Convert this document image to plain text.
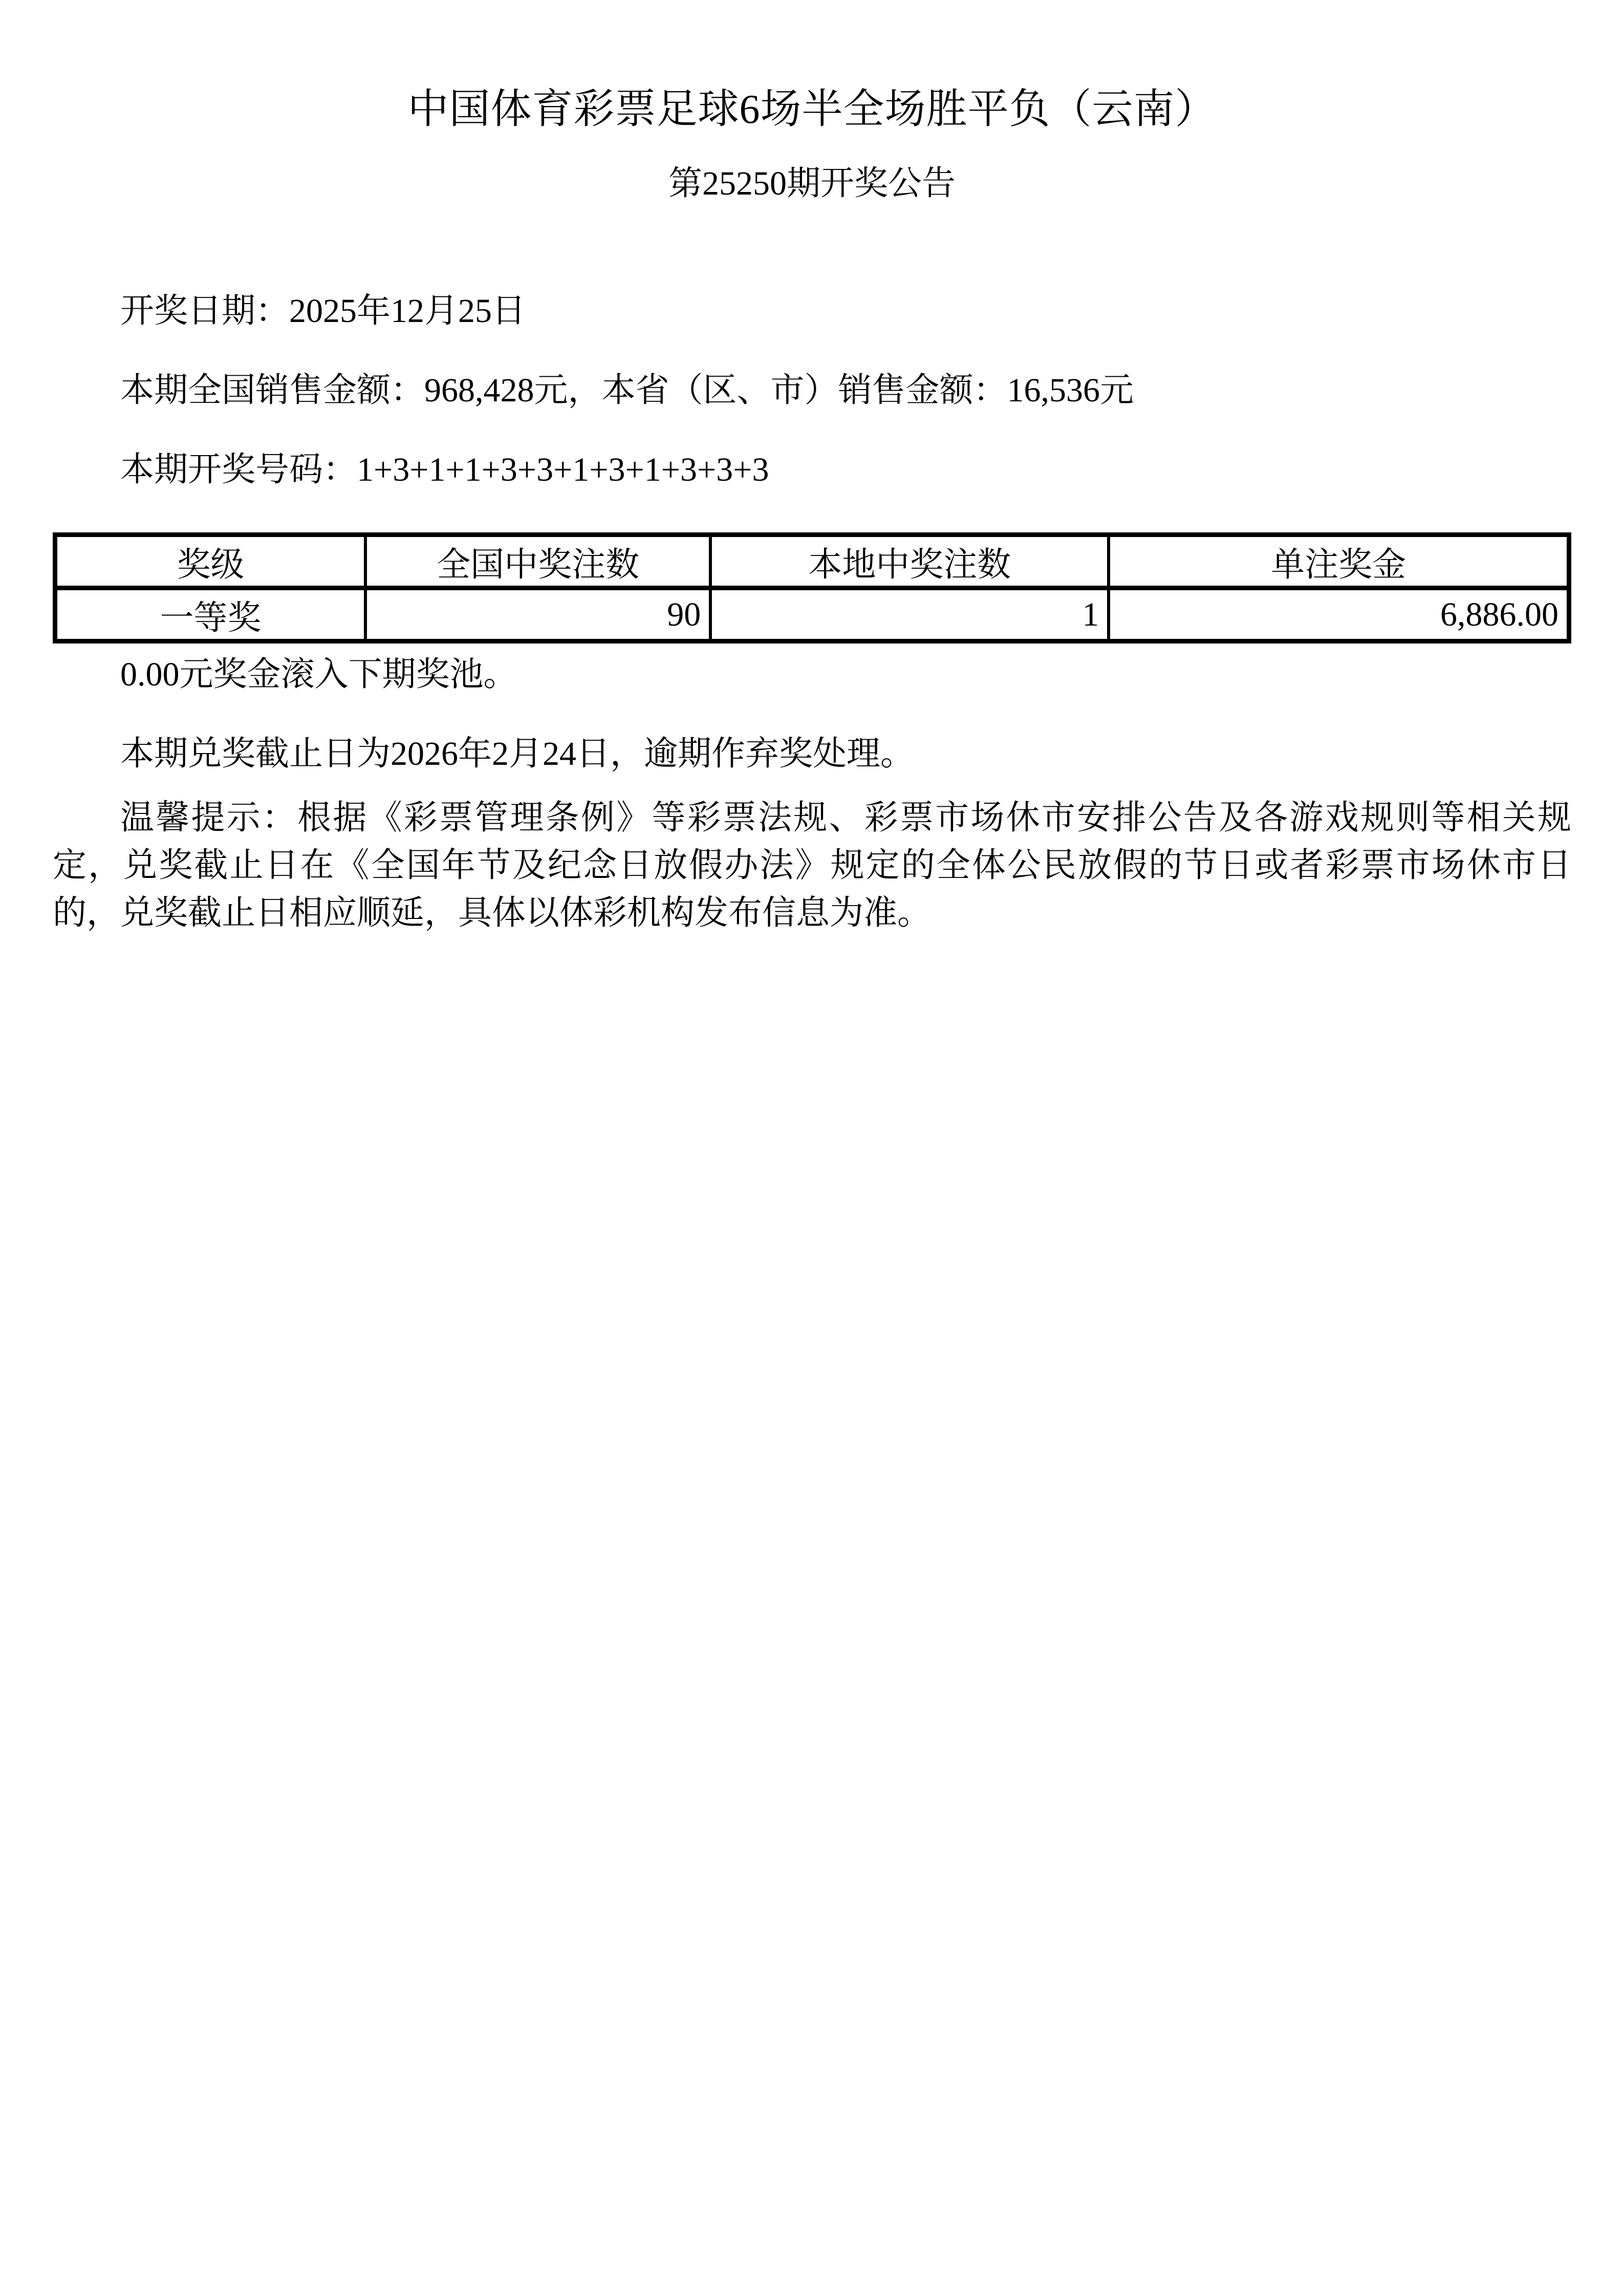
中国体育彩票足球6场半全场胜平负（云南）
第25250期开奖公告

开奖日期：2025年12月25日

本期全国销售金额：968,428元，本省（区、市）销售金额：16,536元

本期开奖号码：1+3+1+1+3+3+1+3+1+3+3+3

奖级	全国中奖注数	本地中奖注数	单注奖金
一等奖	90	1	6,886.00

0.00元奖金滚入下期奖池。

本期兑奖截止日为2026年2月24日，逾期作弃奖处理。

温馨提示：根据《彩票管理条例》等彩票法规、彩票市场休市安排公告及各游戏规则等相关规定，兑奖截止日在《全国年节及纪念日放假办法》规定的全体公民放假的节日或者彩票市场休市日的，兑奖截止日相应顺延，具体以体彩机构发布信息为准。
